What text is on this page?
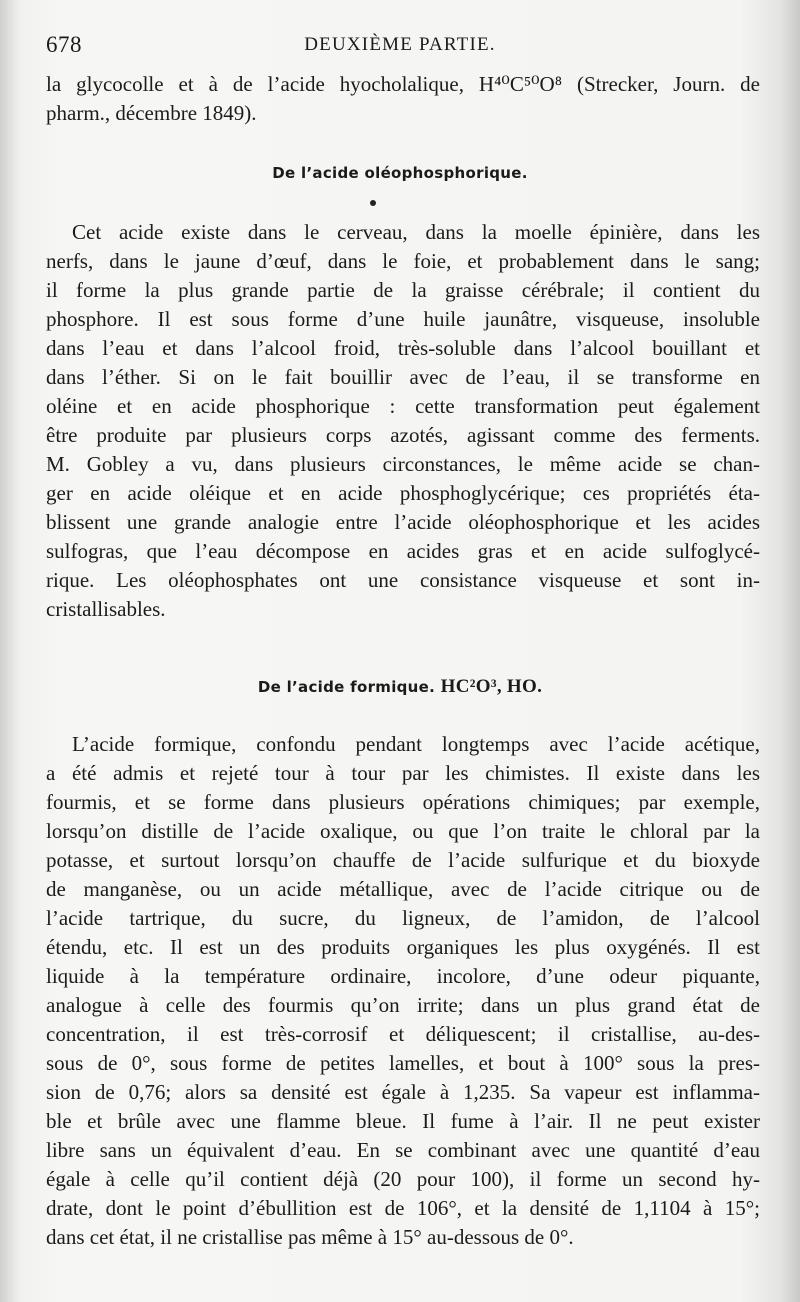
678	DEUXIÈME PARTIE.
la glycocolle et à de l’acide hyocholalique, H⁴⁰C⁵⁰O⁸ (Strecker, Journ. de
pharm., décembre 1849).
De l’acide oléophosphorique.
Cet acide existe dans le cerveau, dans la moelle épinière, dans les
nerfs, dans le jaune d’œuf, dans le foie, et probablement dans le sang;
il forme la plus grande partie de la graisse cérébrale; il contient du
phosphore. Il est sous forme d’une huile jaunâtre, visqueuse, insoluble
dans l’eau et dans l’alcool froid, très-soluble dans l’alcool bouillant et
dans l’éther. Si on le fait bouillir avec de l’eau, il se transforme en
oléine et en acide phosphorique : cette transformation peut également
être produite par plusieurs corps azotés, agissant comme des ferments.
M. Gobley a vu, dans plusieurs circonstances, le même acide se chan-
ger en acide oléique et en acide phosphoglycérique; ces propriétés éta-
blissent une grande analogie entre l’acide oléophosphorique et les acides
sulfogras, que l’eau décompose en acides gras et en acide sulfoglycé-
rique. Les oléophosphates ont une consistance visqueuse et sont in-
cristallisables.
De l’acide formique. HC²O³, HO.
L’acide formique, confondu pendant longtemps avec l’acide acétique,
a été admis et rejeté tour à tour par les chimistes. Il existe dans les
fourmis, et se forme dans plusieurs opérations chimiques; par exemple,
lorsqu’on distille de l’acide oxalique, ou que l’on traite le chloral par la
potasse, et surtout lorsqu’on chauffe de l’acide sulfurique et du bioxyde
de manganèse, ou un acide métallique, avec de l’acide citrique ou de
l’acide tartrique, du sucre, du ligneux, de l’amidon, de l’alcool
étendu, etc. Il est un des produits organiques les plus oxygénés. Il est
liquide à la température ordinaire, incolore, d’une odeur piquante,
analogue à celle des fourmis qu’on irrite; dans un plus grand état de
concentration, il est très-corrosif et déliquescent; il cristallise, au-des-
sous de 0°, sous forme de petites lamelles, et bout à 100° sous la pres-
sion de 0,76; alors sa densité est égale à 1,235. Sa vapeur est inflamma-
ble et brûle avec une flamme bleue. Il fume à l’air. Il ne peut exister
libre sans un équivalent d’eau. En se combinant avec une quantité d’eau
égale à celle qu’il contient déjà (20 pour 100), il forme un second hy-
drate, dont le point d’ébullition est de 106°, et la densité de 1,1104 à 15°;
dans cet état, il ne cristallise pas même à 15° au-dessous de 0°.
